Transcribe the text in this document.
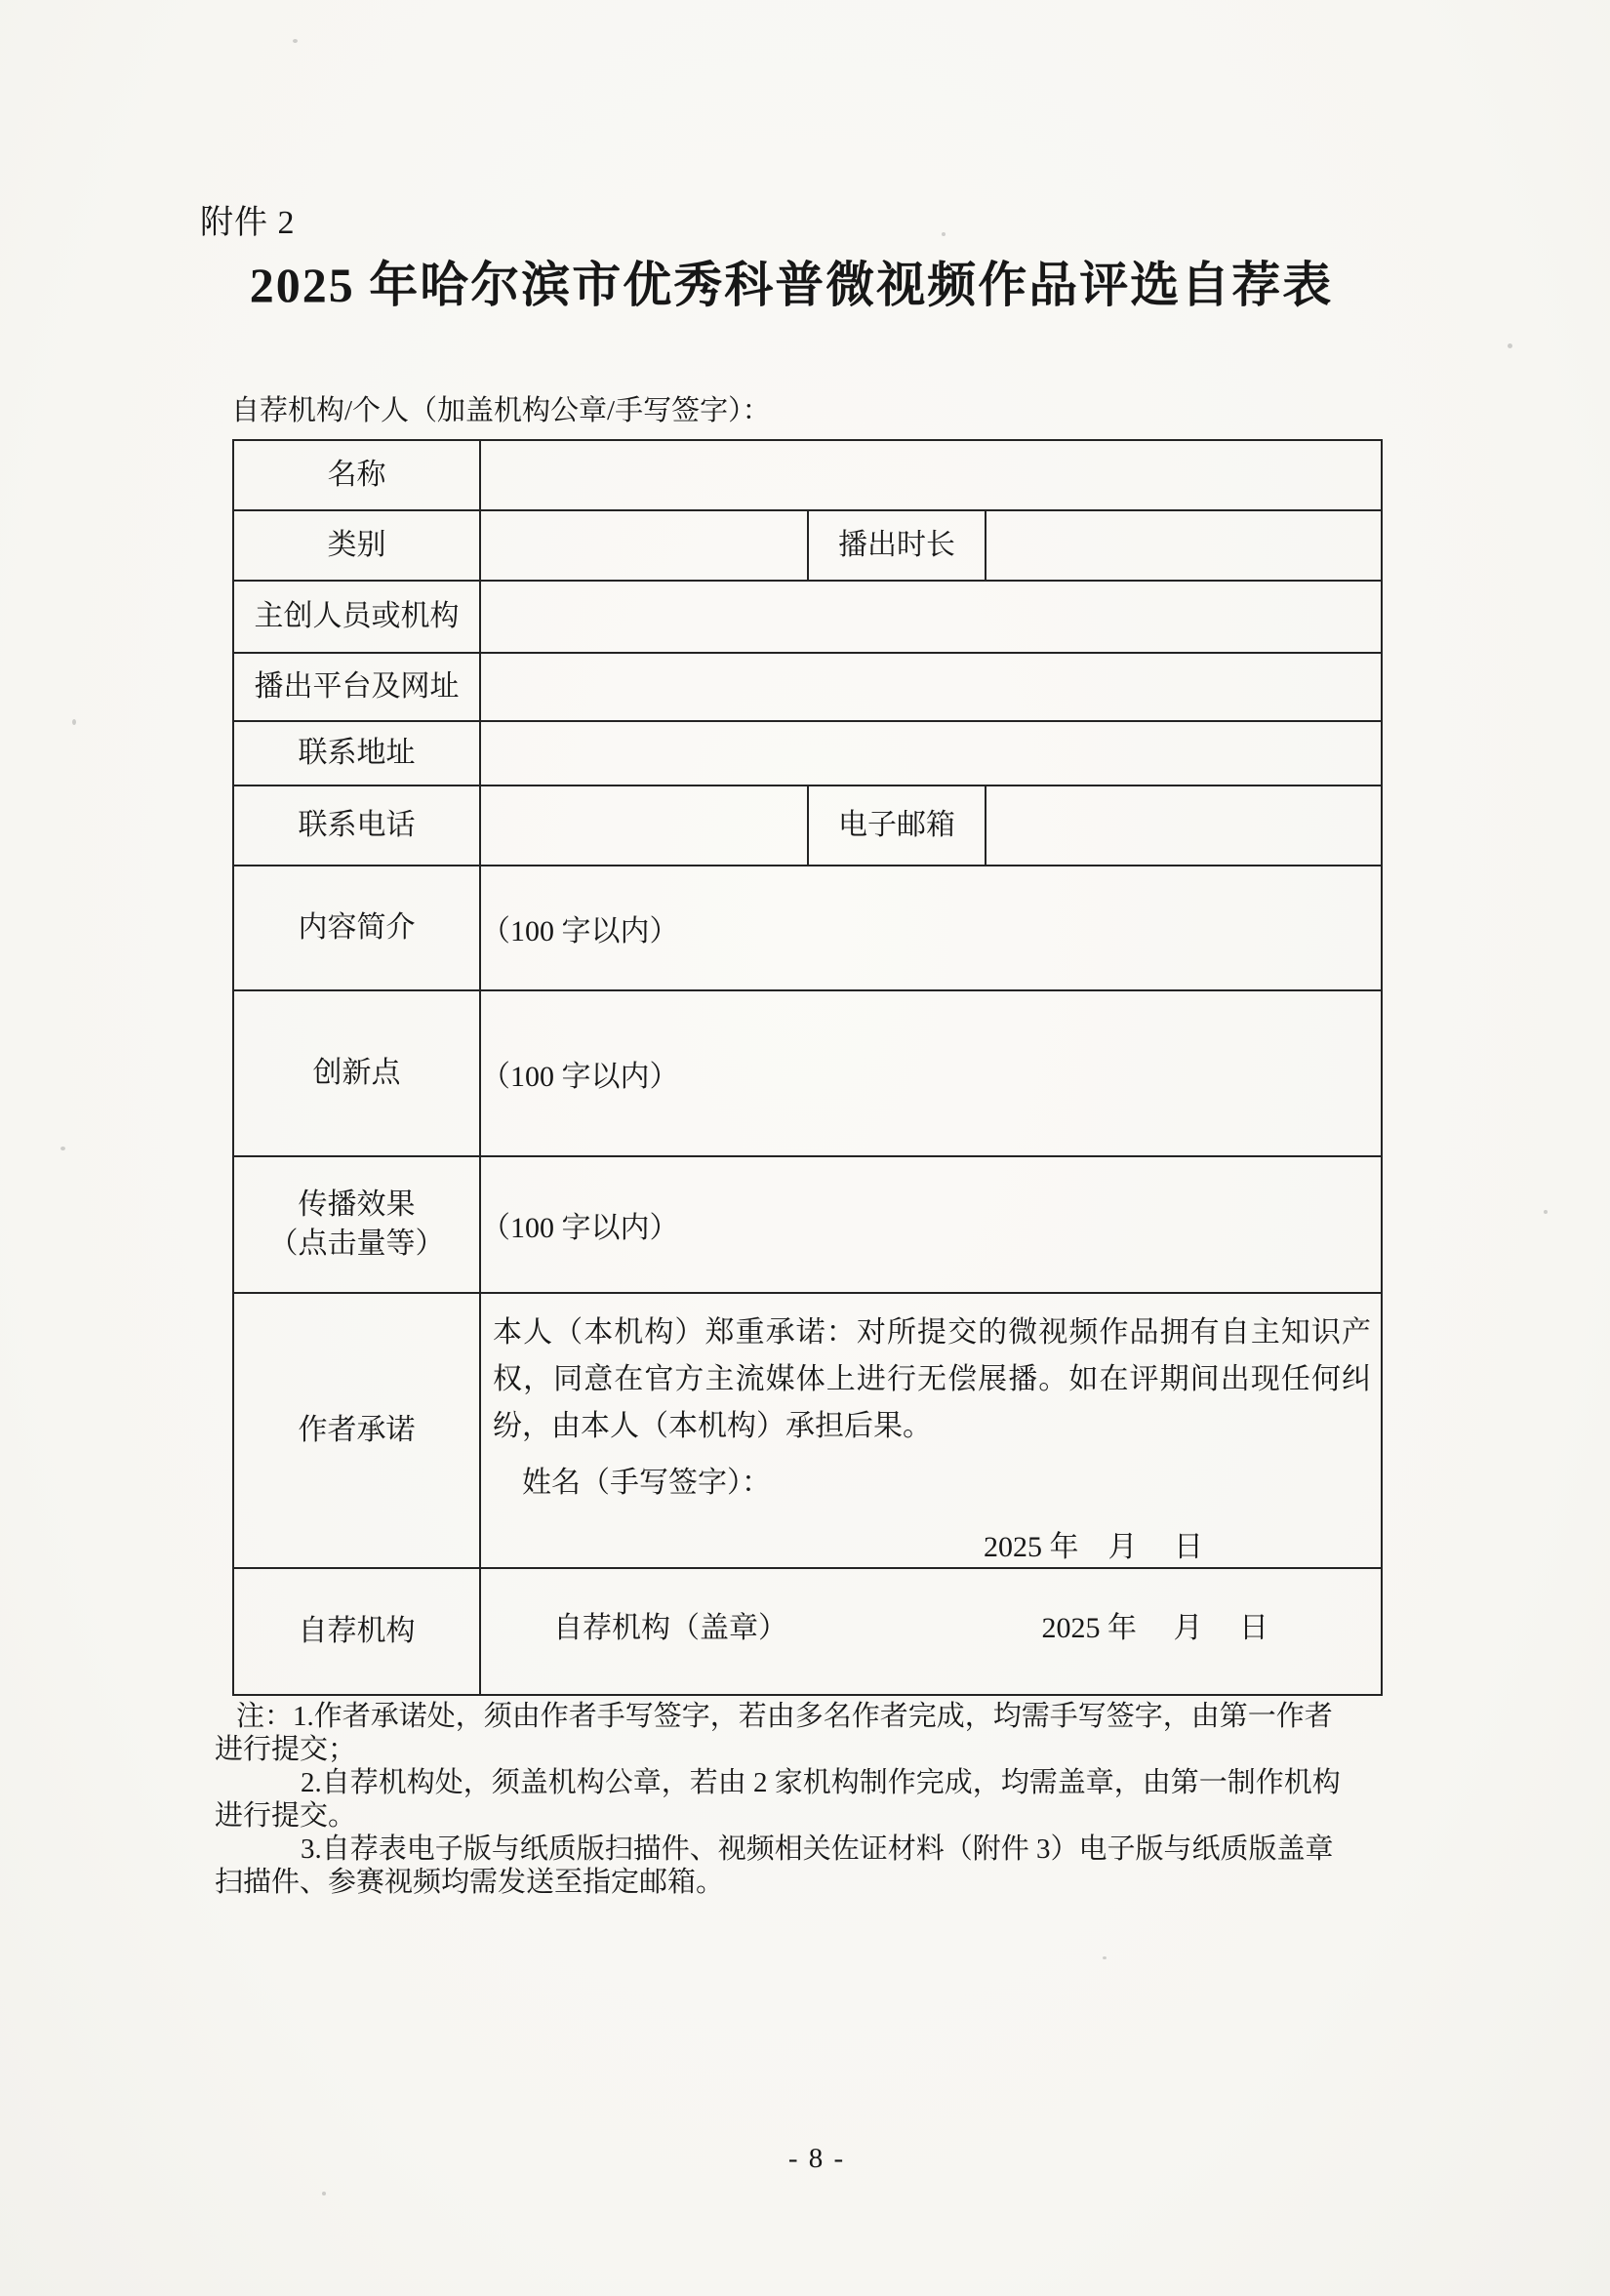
附件 2
2025 年哈尔滨市优秀科普微视频作品评选自荐表
自荐机构/个人（加盖机构公章/手写签字）：
名称			
类别		播出时长	
主创人员或机构			
播出平台及网址			
联系地址			
联系电话		电子邮箱	
内容简介	（100 字以内）		
创新点	（100 字以内）		

传播效果
（点击量等）	（100 字以内）		
作者承诺	本人（本机构）郑重承诺：对所提交的微视频作品拥有自主知识产权，同意在官方主流媒体上进行无偿展播。如在评期间出现任何纠纷，由本人（本机构）承担后果。
姓名（手写签字）：
2025 年　月　 日		

自荐机构	自荐机构（盖章） 2025 年　 月　 日		
注：1.作者承诺处，须由作者手写签字，若由多名作者完成，均需手写签字，由第一作者
进行提交；
2.自荐机构处，须盖机构公章，若由 2 家机构制作完成，均需盖章，由第一制作机构
进行提交。
3.自荐表电子版与纸质版扫描件、视频相关佐证材料（附件 3）电子版与纸质版盖章
扫描件、参赛视频均需发送至指定邮箱。
- 8 -
